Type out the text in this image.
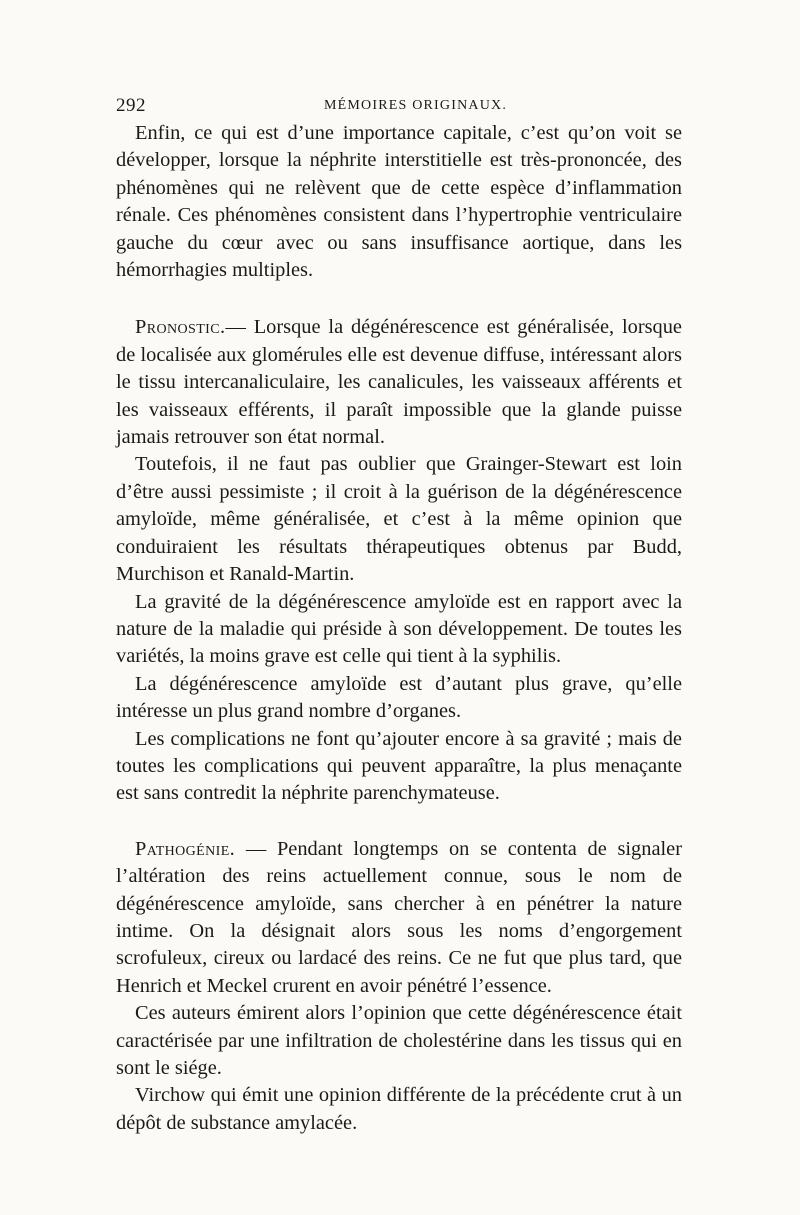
292	MÉMOIRES ORIGINAUX.

Enfin, ce qui est d’une importance capitale, c’est qu’on voit se développer, lorsque la néphrite interstitielle est très-prononcée, des phénomènes qui ne relèvent que de cette espèce d’inflammation rénale. Ces phénomènes consistent dans l’hypertrophie ventriculaire gauche du cœur avec ou sans insuffisance aortique, dans les hémorrhagies multiples.

Pronostic.— Lorsque la dégénérescence est généralisée, lorsque de localisée aux glomérules elle est devenue diffuse, intéressant alors le tissu intercanaliculaire, les canalicules, les vaisseaux afférents et les vaisseaux efférents, il paraît impossible que la glande puisse jamais retrouver son état normal.

Toutefois, il ne faut pas oublier que Grainger-Stewart est loin d’être aussi pessimiste ; il croit à la guérison de la dégénérescence amyloïde, même généralisée, et c’est à la même opinion que conduiraient les résultats thérapeutiques obtenus par Budd, Murchison et Ranald-Martin.

La gravité de la dégénérescence amyloïde est en rapport avec la nature de la maladie qui préside à son développement. De toutes les variétés, la moins grave est celle qui tient à la syphilis.

La dégénérescence amyloïde est d’autant plus grave, qu’elle intéresse un plus grand nombre d’organes.

Les complications ne font qu’ajouter encore à sa gravité ; mais de toutes les complications qui peuvent apparaître, la plus menaçante est sans contredit la néphrite parenchymateuse.

Pathogénie. — Pendant longtemps on se contenta de signaler l’altération des reins actuellement connue, sous le nom de dégénérescence amyloïde, sans chercher à en pénétrer la nature intime. On la désignait alors sous les noms d’engorgement scrofuleux, cireux ou lardacé des reins. Ce ne fut que plus tard, que Henrich et Meckel crurent en avoir pénétré l’essence.

Ces auteurs émirent alors l’opinion que cette dégénérescence était caractérisée par une infiltration de cholestérine dans les tissus qui en sont le siége.

Virchow qui émit une opinion différente de la précédente crut à un dépôt de substance amylacée.
